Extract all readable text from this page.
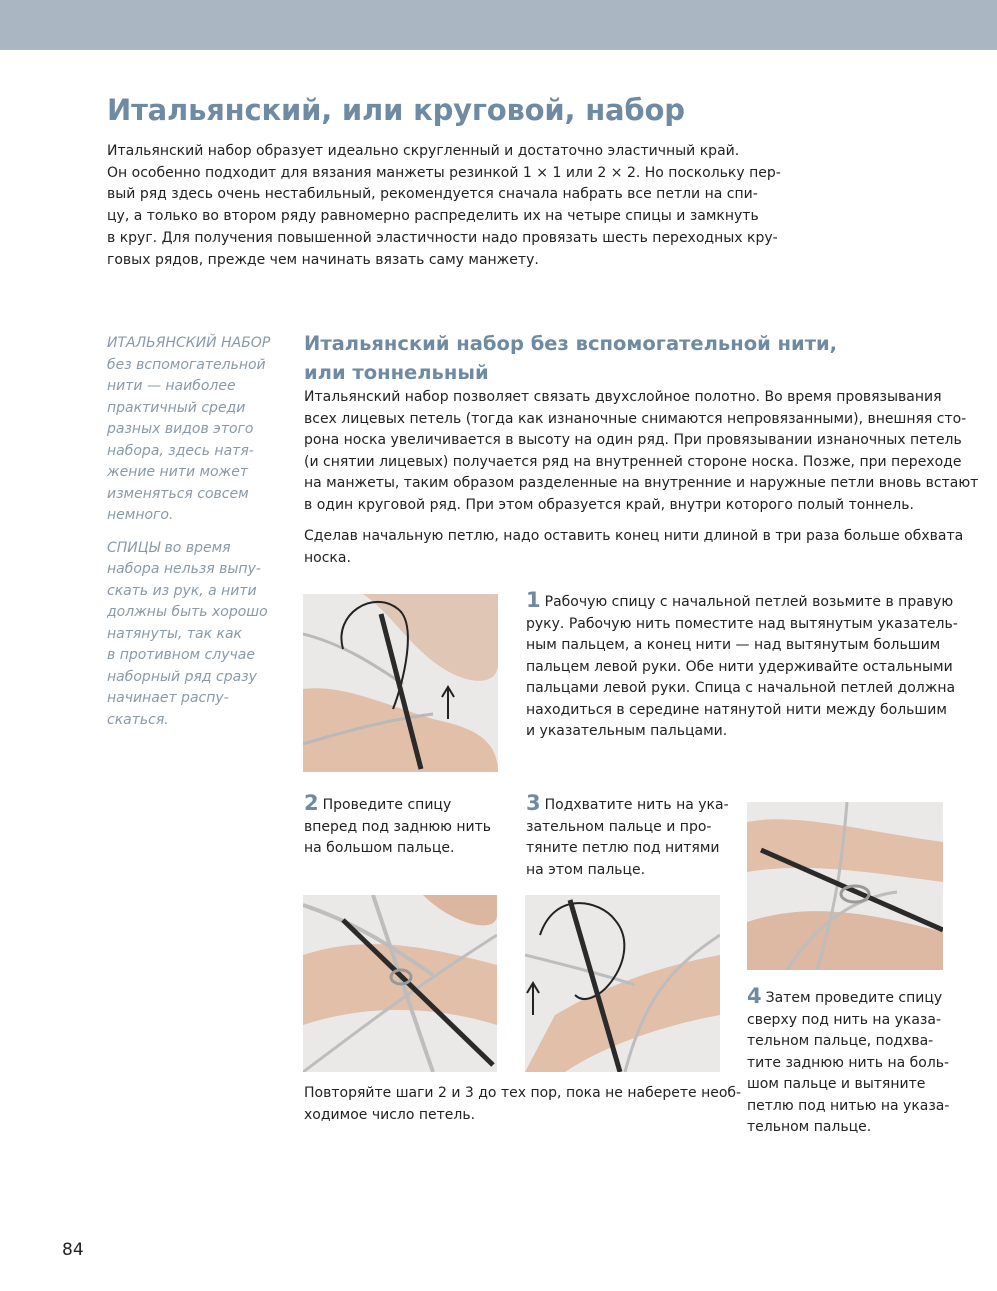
Итальянский, или круговой, набор
Итальянский набор образует идеально скругленный и достаточно эластичный край.
Он особенно подходит для вязания манжеты резинкой 1 × 1 или 2 × 2. Но поскольку пер-
вый ряд здесь очень нестабильный, рекомендуется сначала набрать все петли на спи-
цу, а только во втором ряду равномерно распределить их на четыре спицы и замкнуть
в круг. Для получения повышенной эластичности надо провязать шесть переходных кру-
говых рядов, прежде чем начинать вязать саму манжету.
ИТАЛЬЯНСКИЙ НАБОР
без вспомогательной
нити — наиболее
практичный среди
разных видов этого
набора, здесь натя-
жение нити может
изменяться совсем
немного.
СПИЦЫ во время
набора нельзя выпу-
скать из рук, а нити
должны быть хорошо
натянуты, так как
в противном случае
наборный ряд сразу
начинает распу-
скаться.
Итальянский набор без вспомогательной нити,
или тоннельный
Итальянский набор позволяет связать двухслойное полотно. Во время провязывания
всех лицевых петель (тогда как изнаночные снимаются непровязанными), внешняя сто-
рона носка увеличивается в высоту на один ряд. При провязывании изнаночных петель
(и снятии лицевых) получается ряд на внутренней стороне носка. Позже, при переходе
на манжеты, таким образом разделенные на внутренние и наружные петли вновь встают
в один круговой ряд. При этом образуется край, внутри которого полый тоннель.
Сделав начальную петлю, надо оставить конец нити длиной в три раза больше обхвата
носка.
1 Рабочую спицу с начальной петлей возьмите в правую
руку. Рабочую нить поместите над вытянутым указатель-
ным пальцем, а конец нити — над вытянутым большим
пальцем левой руки. Обе нити удерживайте остальными
пальцами левой руки. Спица с начальной петлей должна
находиться в середине натянутой нити между большим
и указательным пальцами.
2 Проведите спицу
вперед под заднюю нить
на большом пальце.
3 Подхватите нить на ука-
зательном пальце и про-
тяните петлю под нитями
на этом пальце.
4 Затем проведите спицу
сверху под нить на указа-
тельном пальце, подхва-
тите заднюю нить на боль-
шом пальце и вытяните
петлю под нитью на указа-
тельном пальце.
Повторяйте шаги 2 и 3 до тех пор, пока не наберете необ-
ходимое число петель.
84
